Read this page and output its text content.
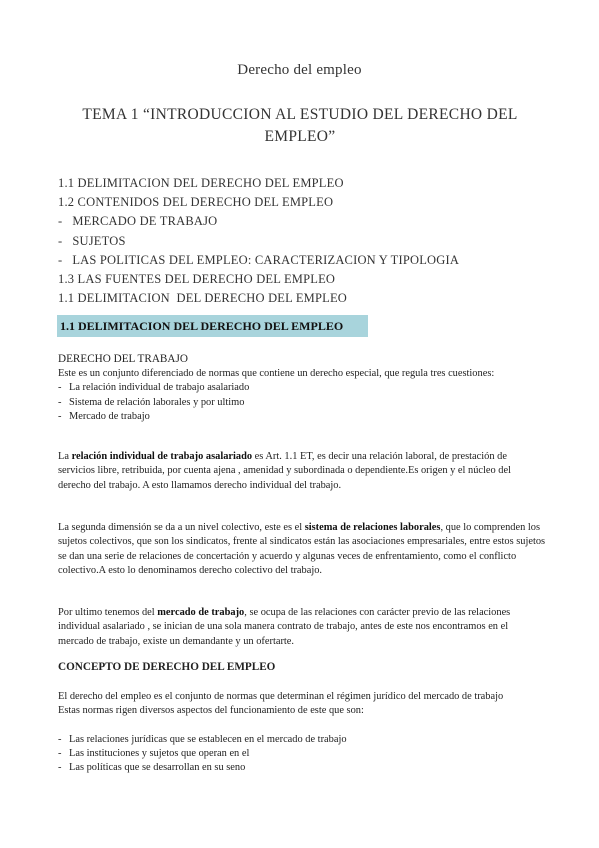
Derecho del empleo
TEMA 1 “INTRODUCCION AL ESTUDIO DEL DERECHO DEL EMPLEO”
1.1 DELIMITACION DEL DERECHO DEL EMPLEO
1.2 CONTENIDOS DEL DERECHO DEL EMPLEO
-   MERCADO DE TRABAJO
-   SUJETOS
-   LAS POLITICAS DEL EMPLEO: CARACTERIZACION Y TIPOLOGIA
1.3 LAS FUENTES DEL DERECHO DEL EMPLEO
1.1 DELIMITACION  DEL DERECHO DEL EMPLEO
1.1 DELIMITACION DEL DERECHO DEL EMPLEO
DERECHO DEL TRABAJO
Este es un conjunto diferenciado de normas que contiene un derecho especial, que regula tres cuestiones:
- La relación individual de trabajo asalariado
- Sistema de relación laborales y por ultimo
- Mercado de trabajo
La relación individual de trabajo asalariado es Art. 1.1 ET, es decir una relación laboral, de prestación de servicios libre, retribuida, por cuenta ajena , amenidad y subordinada o dependiente.Es origen y el núcleo del derecho del trabajo. A esto llamamos derecho individual del trabajo.
La segunda dimensión se da a un nivel colectivo, este es el sistema de relaciones laborales, que lo comprenden los sujetos colectivos, que son los sindicatos, frente al sindicatos están las asociaciones empresariales, entre estos sujetos se dan una serie de relaciones de concertación y acuerdo y algunas veces de enfrentamiento, como el conflicto colectivo.A esto lo denominamos derecho colectivo del trabajo.
Por ultimo tenemos del mercado de trabajo, se ocupa de las relaciones con carácter previo de las relaciones individual asalariado , se inician de una sola manera contrato de trabajo, antes de este nos encontramos en el mercado de trabajo, existe un demandante y un ofertarte.
CONCEPTO DE DERECHO DEL EMPLEO
El derecho del empleo es el conjunto de normas que determinan el régimen jurídico del mercado de trabajo
Estas normas rigen diversos aspectos del funcionamiento de este que son:
- Las relaciones jurídicas que se establecen en el mercado de trabajo
- Las instituciones y sujetos que operan en el
- Las políticas que se desarrollan en su seno
